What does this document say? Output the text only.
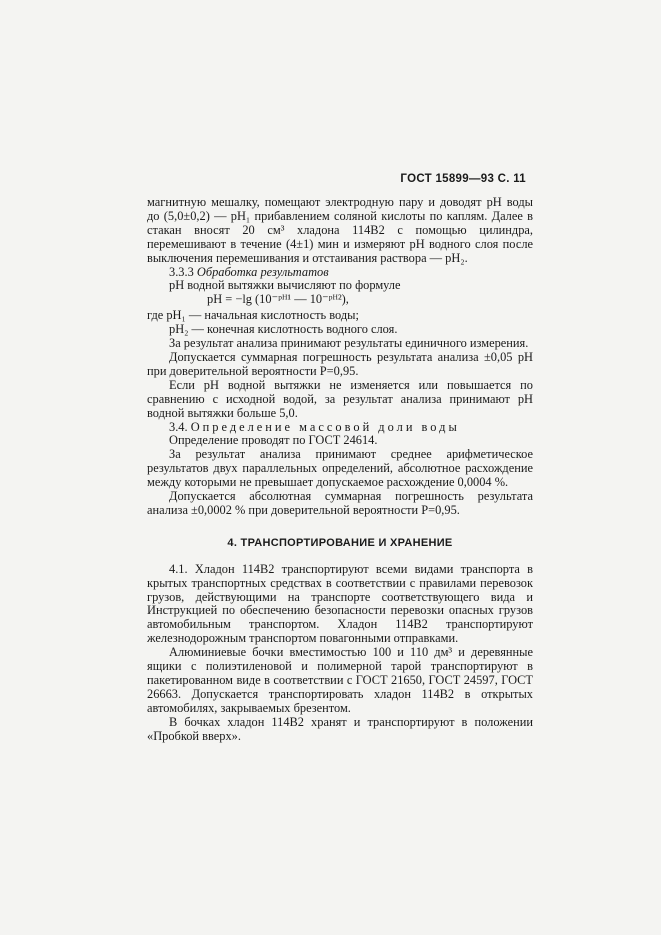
ГОСТ 15899—93 С. 11

магнитную мешалку, помещают электродную пару и доводят pH воды до (5,0±0,2) — pH₁ прибавлением соляной кислоты по каплям. Далее в стакан вносят 20 см³ хладона 114В2 с помощью цилиндра, перемешивают в течение (4±1) мин и измеряют pH водного слоя после выключения перемешивания и отстаивания раствора — pH₂.

3.3.3 Обработка результатов

pH водной вытяжки вычисляют по формуле

pH = −lg (10⁻ᵖᴴ¹ — 10⁻ᵖᴴ²),

где pH₁ — начальная кислотность воды;

pH₂ — конечная кислотность водного слоя.

За результат анализа принимают результаты единичного измерения.

Допускается суммарная погрешность результата анализа ±0,05 pH при доверительной вероятности P=0,95.

Если pH водной вытяжки не изменяется или повышается по сравнению с исходной водой, за результат анализа принимают pH водной вытяжки больше 5,0.

3.4. Определение массовой доли воды

Определение проводят по ГОСТ 24614.

За результат анализа принимают среднее арифметическое результатов двух параллельных определений, абсолютное расхождение между которыми не превышает допускаемое расхождение 0,0004 %.

Допускается абсолютная суммарная погрешность результата анализа ±0,0002 % при доверительной вероятности P=0,95.

4. ТРАНСПОРТИРОВАНИЕ И ХРАНЕНИЕ

4.1. Хладон 114В2 транспортируют всеми видами транспорта в крытых транспортных средствах в соответствии с правилами перевозок грузов, действующими на транспорте соответствующего вида и Инструкцией по обеспечению безопасности перевозки опасных грузов автомобильным транспортом. Хладон 114В2 транспортируют железнодорожным транспортом повагонными отправками.

Алюминиевые бочки вместимостью 100 и 110 дм³ и деревянные ящики с полиэтиленовой и полимерной тарой транспортируют в пакетированном виде в соответствии с ГОСТ 21650, ГОСТ 24597, ГОСТ 26663. Допускается транспортировать хладон 114В2 в открытых автомобилях, закрываемых брезентом.

В бочках хладон 114В2 хранят и транспортируют в положении «Пробкой вверх».
